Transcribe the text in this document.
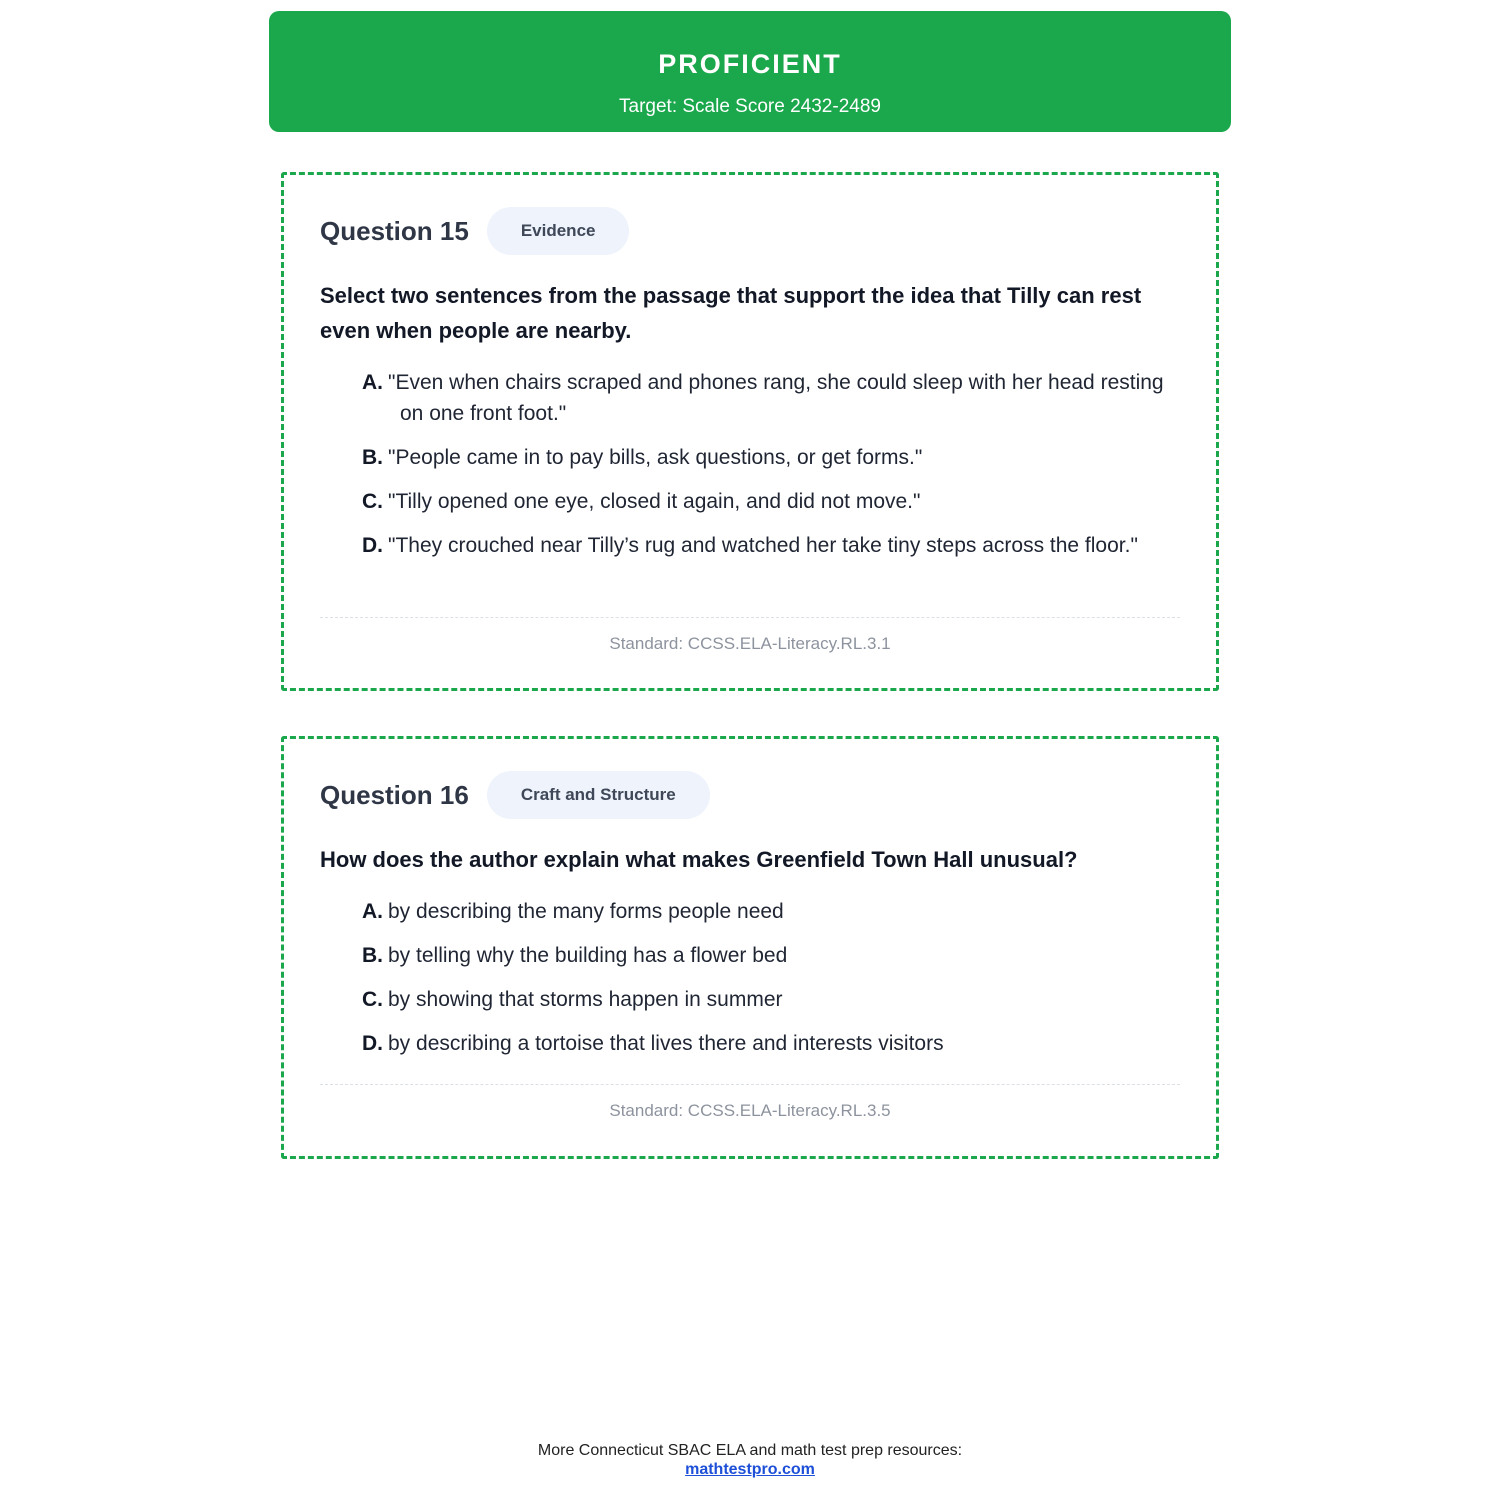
PROFICIENT
Target: Scale Score 2432-2489
Question 15	Evidence
Select two sentences from the passage that support the idea that Tilly can rest even when people are nearby.
A. "Even when chairs scraped and phones rang, she could sleep with her head resting on one front foot."
B. "People came in to pay bills, ask questions, or get forms."
C. "Tilly opened one eye, closed it again, and did not move."
D. "They crouched near Tilly’s rug and watched her take tiny steps across the floor."
Standard: CCSS.ELA-Literacy.RL.3.1
Question 16	Craft and Structure
How does the author explain what makes Greenfield Town Hall unusual?
A. by describing the many forms people need
B. by telling why the building has a flower bed
C. by showing that storms happen in summer
D. by describing a tortoise that lives there and interests visitors
Standard: CCSS.ELA-Literacy.RL.3.5
More Connecticut SBAC ELA and math test prep resources:
mathtestpro.com
